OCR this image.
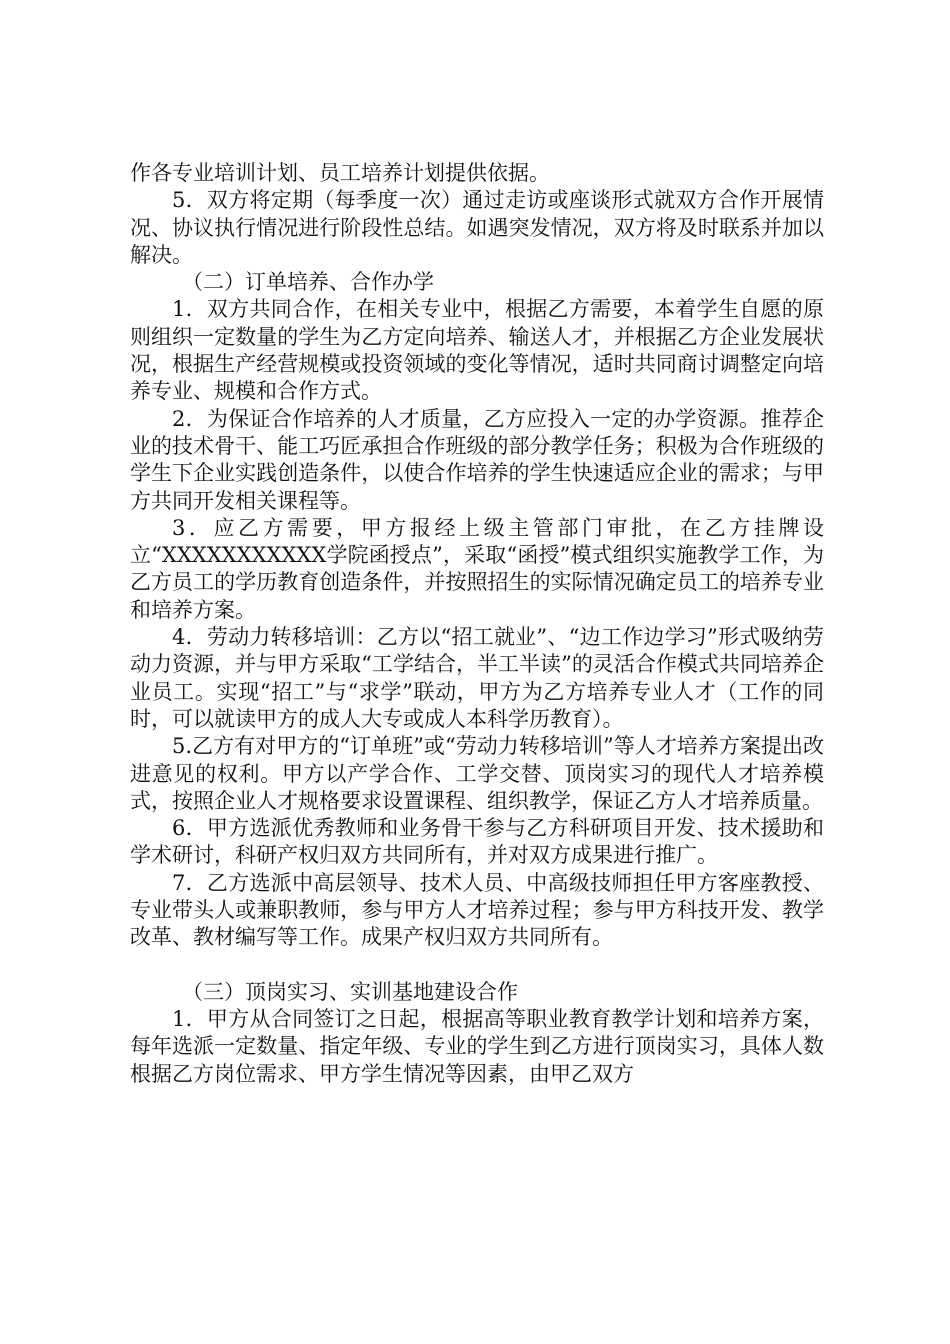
作各专业培训计划、员工培养计划提供依据。

5．双方将定期（每季度一次）通过走访或座谈形式就双方合作开展情况、协议执行情况进行阶段性总结。如遇突发情况，双方将及时联系并加以解决。

（二）订单培养、合作办学

1．双方共同合作，在相关专业中，根据乙方需要，本着学生自愿的原则组织一定数量的学生为乙方定向培养、输送人才，并根据乙方企业发展状况，根据生产经营规模或投资领域的变化等情况，适时共同商讨调整定向培养专业、规模和合作方式。

2．为保证合作培养的人才质量，乙方应投入一定的办学资源。推荐企业的技术骨干、能工巧匠承担合作班级的部分教学任务；积极为合作班级的学生下企业实践创造条件，以使合作培养的学生快速适应企业的需求；与甲方共同开发相关课程等。

3．应乙方需要，甲方报经上级主管部门审批，在乙方挂牌设立“XXXXXXXXXXX学院函授点”，采取“函授”模式组织实施教学工作，为乙方员工的学历教育创造条件，并按照招生的实际情况确定员工的培养专业和培养方案。

4．劳动力转移培训：乙方以“招工就业”、“边工作边学习”形式吸纳劳动力资源，并与甲方采取“工学结合，半工半读”的灵活合作模式共同培养企业员工。实现“招工”与“求学”联动，甲方为乙方培养专业人才（工作的同时，可以就读甲方的成人大专或成人本科学历教育）。

5.乙方有对甲方的“订单班”或“劳动力转移培训”等人才培养方案提出改进意见的权利。甲方以产学合作、工学交替、顶岗实习的现代人才培养模式，按照企业人才规格要求设置课程、组织教学，保证乙方人才培养质量。

6．甲方选派优秀教师和业务骨干参与乙方科研项目开发、技术援助和学术研讨，科研产权归双方共同所有，并对双方成果进行推广。

7．乙方选派中高层领导、技术人员、中高级技师担任甲方客座教授、专业带头人或兼职教师，参与甲方人才培养过程；参与甲方科技开发、教学改革、教材编写等工作。成果产权归双方共同所有。

（三）顶岗实习、实训基地建设合作

1．甲方从合同签订之日起，根据高等职业教育教学计划和培养方案，每年选派一定数量、指定年级、专业的学生到乙方进行顶岗实习，具体人数根据乙方岗位需求、甲方学生情况等因素，由甲乙双方
